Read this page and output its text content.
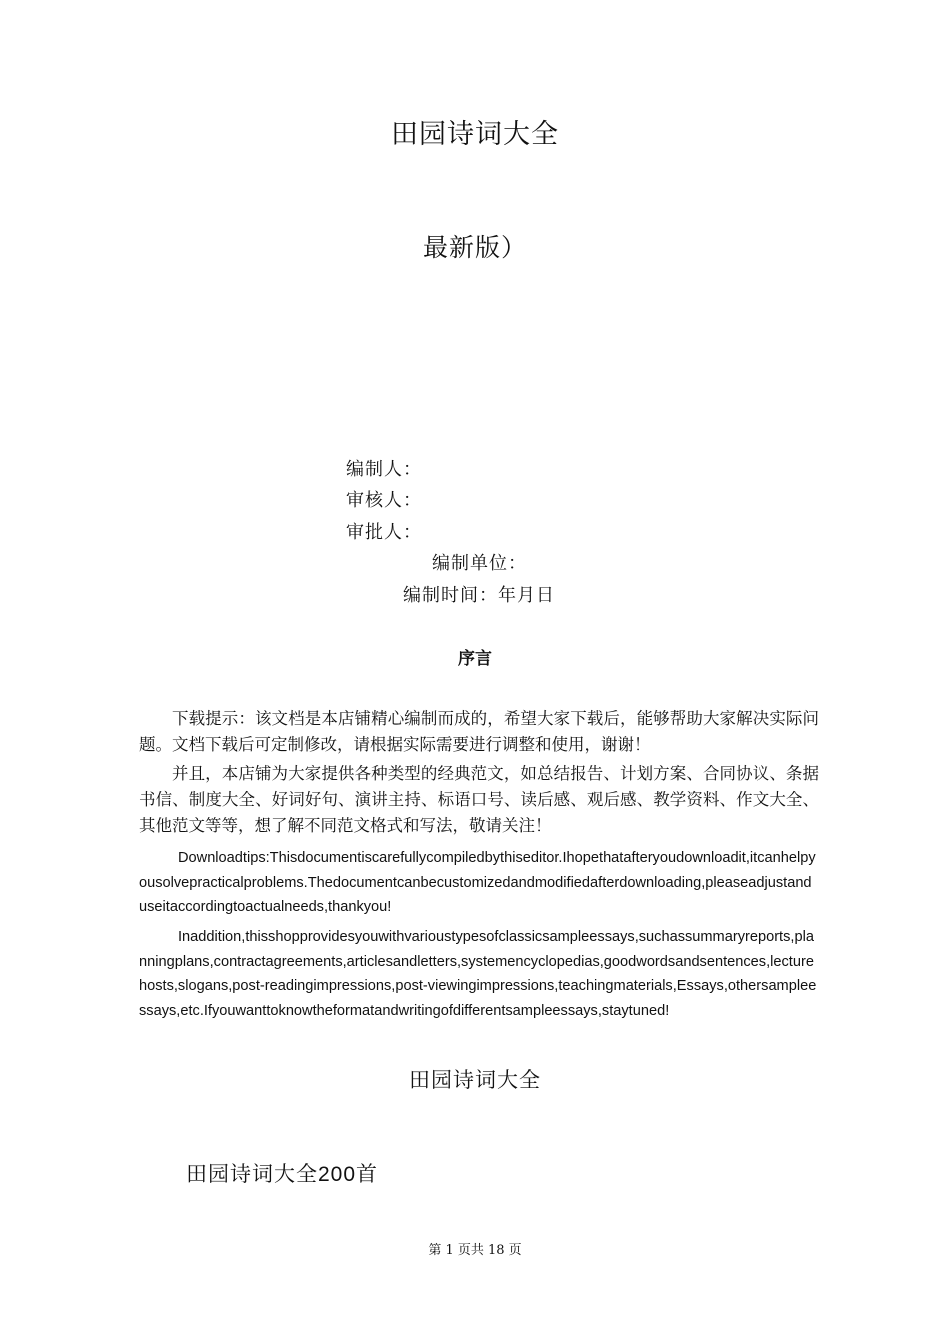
田园诗词大全
最新版）
编制人：
审核人：
审批人：
编制单位：
编制时间：年月日
序言
下载提示：该文档是本店铺精心编制而成的，希望大家下载后，能够帮助大家解决实际问题。文档下载后可定制修改，请根据实际需要进行调整和使用，谢谢！
并且，本店铺为大家提供各种类型的经典范文，如总结报告、计划方案、合同协议、条据书信、制度大全、好词好句、演讲主持、标语口号、读后感、观后感、教学资料、作文大全、其他范文等等，想了解不同范文格式和写法，敬请关注！
Downloadtips:Thisdocumentiscarefullycompiledbythiseditor.Ihopethatafteryoudownloadit,itcanhelpyousolvepracticalproblems.Thedocumentcanbecustomizedandmodifiedafterdownloading,pleaseadjustanduseitaccordingtoactualneeds,thankyou!
Inaddition,thisshopprovidesyouwithvarioustypesofclassicsampleessays,suchassummaryreports,planningplans,contractagreements,articlesandletters,systemencyclopedias,goodwordsandsentences,lecturehosts,slogans,post-readingimpressions,post-viewingimpressions,teachingmaterials,Essays,othersampleessays,etc.Ifyouwanttoknowtheformatandwritingofdifferentsampleessays,staytuned!
田园诗词大全
田园诗词大全200首
第 1 页共 18 页
